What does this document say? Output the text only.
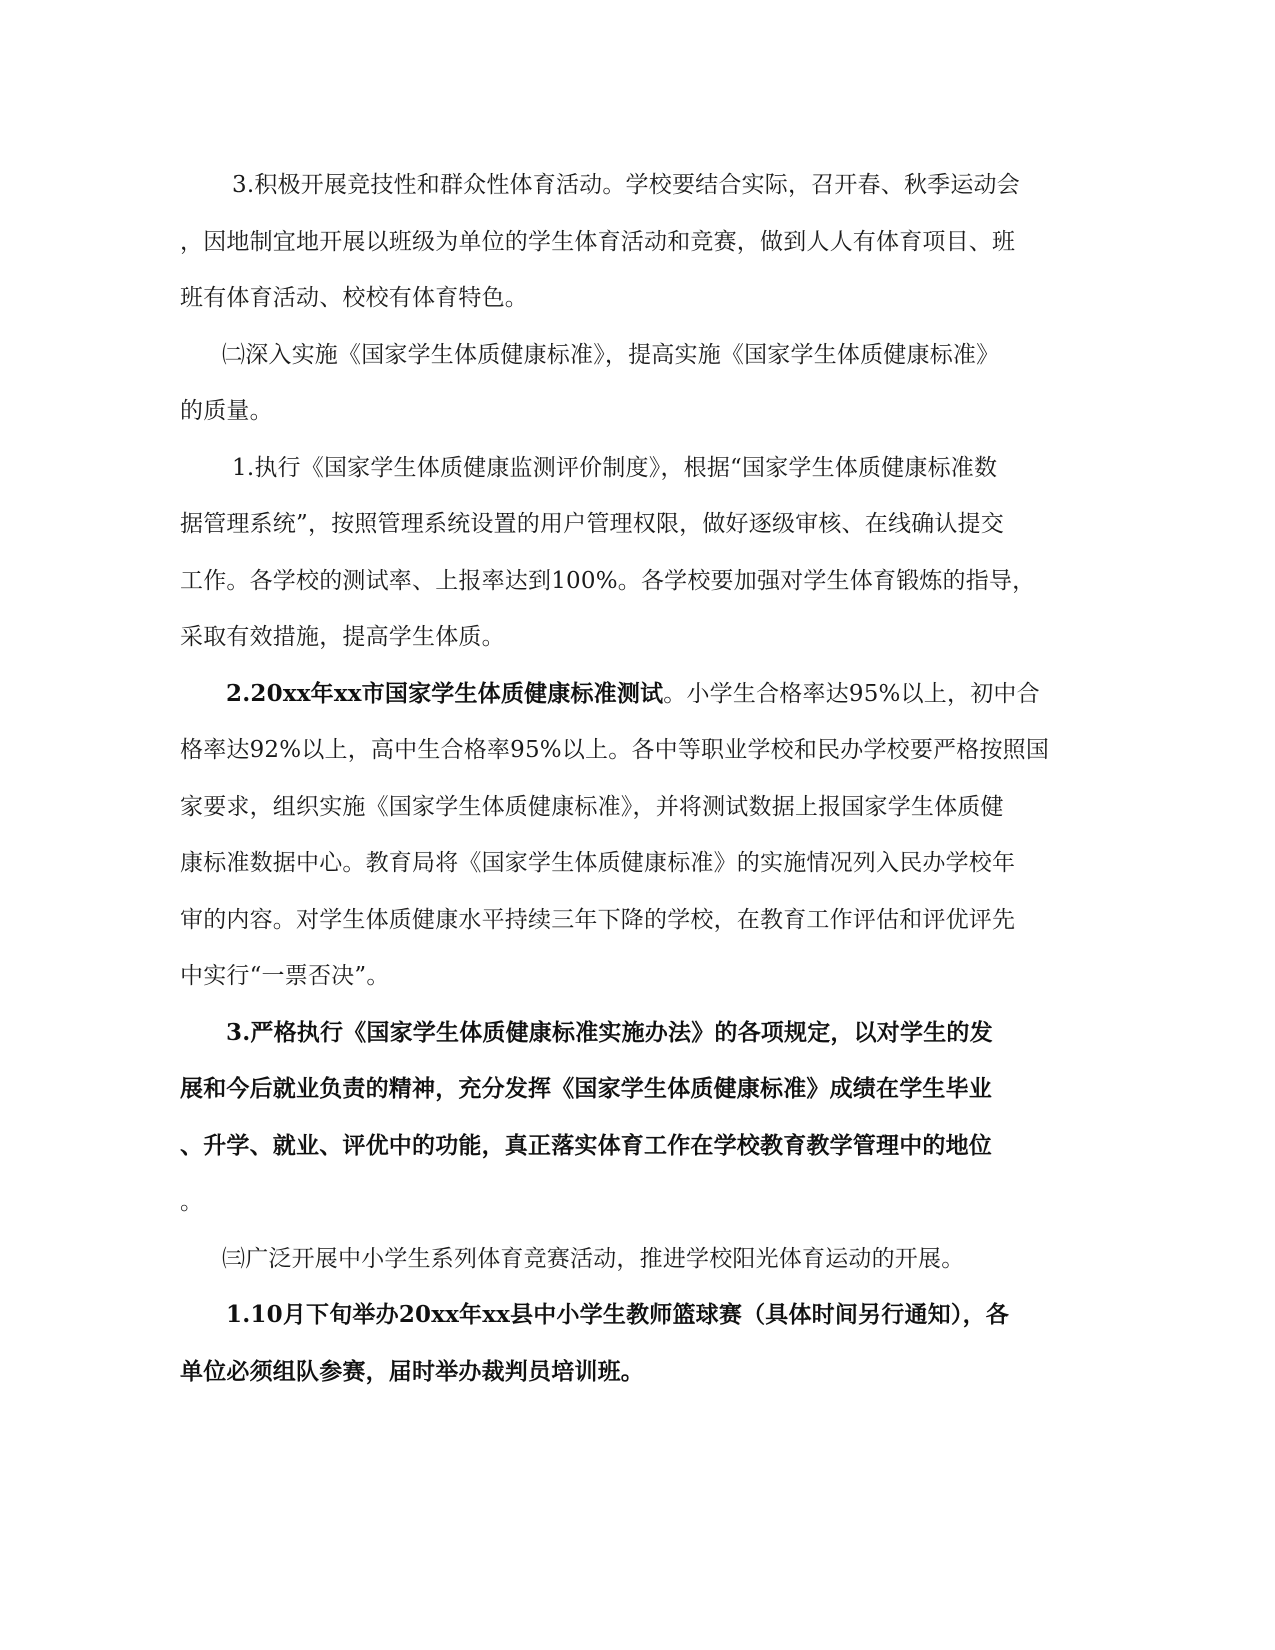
3.积极开展竞技性和群众性体育活动。学校要结合实际，召开春、秋季运动会
，因地制宜地开展以班级为单位的学生体育活动和竞赛，做到人人有体育项目、班
班有体育活动、校校有体育特色。
㈡深入实施《国家学生体质健康标准》，提高实施《国家学生体质健康标准》
的质量。
1.执行《国家学生体质健康监测评价制度》，根据“国家学生体质健康标准数
据管理系统”，按照管理系统设置的用户管理权限，做好逐级审核、在线确认提交
工作。各学校的测试率、上报率达到100%。各学校要加强对学生体育锻炼的指导，
采取有效措施，提高学生体质。
2.20xx年xx市国家学生体质健康标准测试。小学生合格率达95%以上，初中合
格率达92%以上，高中生合格率95%以上。各中等职业学校和民办学校要严格按照国
家要求，组织实施《国家学生体质健康标准》，并将测试数据上报国家学生体质健
康标准数据中心。教育局将《国家学生体质健康标准》的实施情况列入民办学校年
审的内容。对学生体质健康水平持续三年下降的学校，在教育工作评估和评优评先
中实行“一票否决”。
3.严格执行《国家学生体质健康标准实施办法》的各项规定，以对学生的发
展和今后就业负责的精神，充分发挥《国家学生体质健康标准》成绩在学生毕业
、升学、就业、评优中的功能，真正落实体育工作在学校教育教学管理中的地位
。
㈢广泛开展中小学生系列体育竞赛活动，推进学校阳光体育运动的开展。
1.10月下旬举办20xx年xx县中小学生教师篮球赛（具体时间另行通知），各
单位必须组队参赛，届时举办裁判员培训班。
